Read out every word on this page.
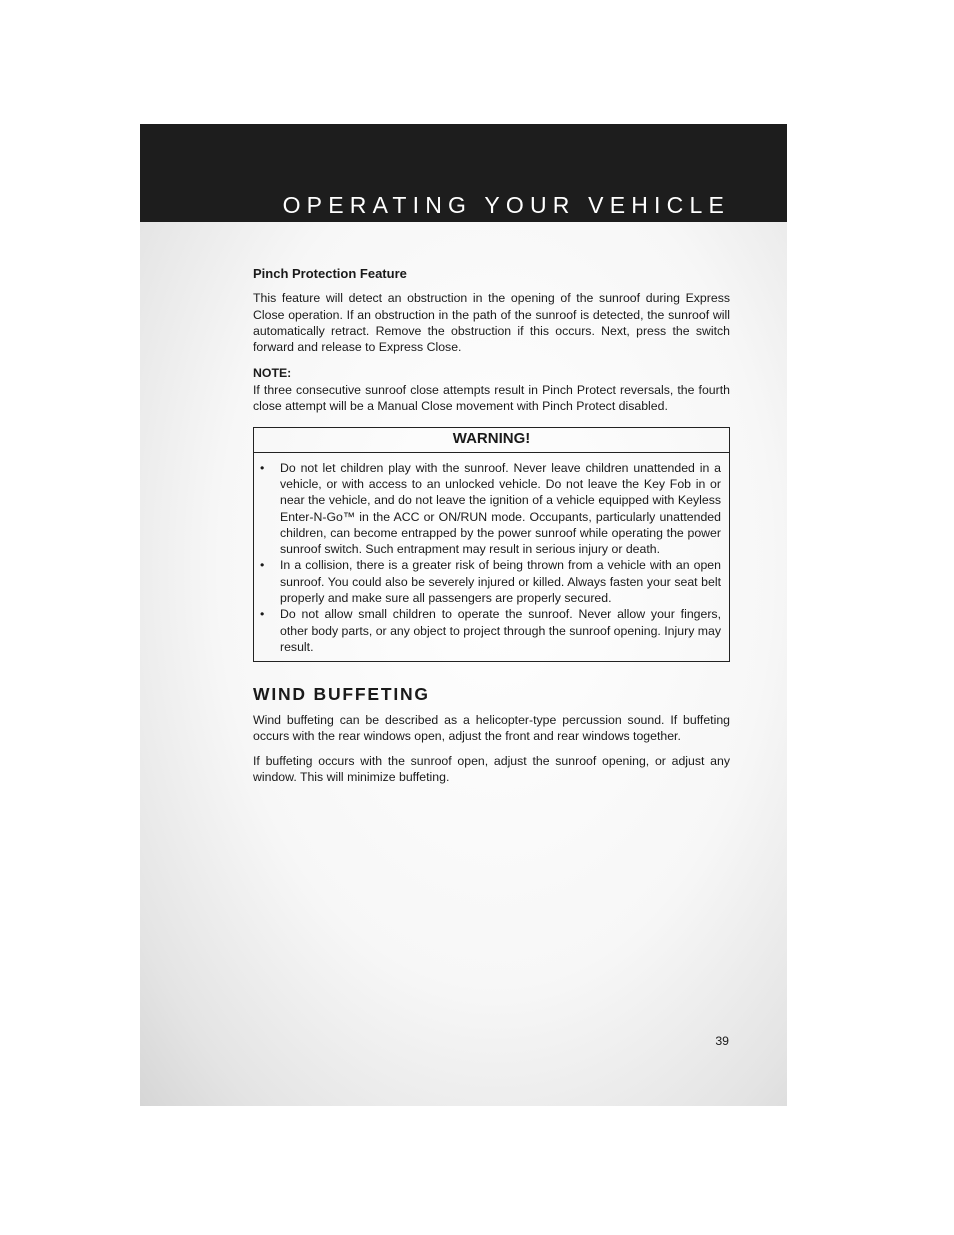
OPERATING YOUR VEHICLE
Pinch Protection Feature

This feature will detect an obstruction in the opening of the sunroof during Express Close operation. If an obstruction in the path of the sunroof is detected, the sunroof will automatically retract. Remove the obstruction if this occurs. Next, press the switch forward and release to Express Close.

NOTE:

If three consecutive sunroof close attempts result in Pinch Protect reversals, the fourth close attempt will be a Manual Close movement with Pinch Protect disabled.

WARNING!
• Do not let children play with the sunroof. Never leave children unattended in a vehicle, or with access to an unlocked vehicle. Do not leave the Key Fob in or near the vehicle, and do not leave the ignition of a vehicle equipped with Keyless Enter-N-Go™ in the ACC or ON/RUN mode. Occupants, particularly unattended children, can become entrapped by the power sunroof while operating the power sunroof switch. Such entrapment may result in serious injury or death.
• In a collision, there is a greater risk of being thrown from a vehicle with an open sunroof. You could also be severely injured or killed. Always fasten your seat belt properly and make sure all passengers are properly secured.
• Do not allow small children to operate the sunroof. Never allow your fingers, other body parts, or any object to project through the sunroof opening. Injury may result.
WIND BUFFETING

Wind buffeting can be described as a helicopter-type percussion sound. If buffeting occurs with the rear windows open, adjust the front and rear windows together.

If buffeting occurs with the sunroof open, adjust the sunroof opening, or adjust any window. This will minimize buffeting.

39
